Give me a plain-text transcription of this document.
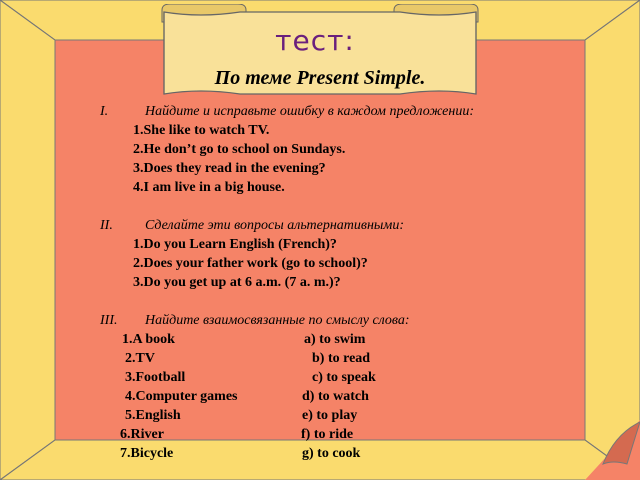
тест:
По теме Present Simple.
I.	Найдите и исправьте ошибку в каждом предложении:
1.She like to watch TV.
2.He don’t go to school on Sundays.
3.Does they read in the evening?
4.I am live in a big house.
II. Сделайте эти вопросы альтернативными:
1.Do you Learn English (French)?
2.Does your father work (go to school)?
3.Do you get up at 6 a.m. (7 a. m.)?
III. Найдите взаимосвязанные по смыслу слова:
1.A book	a) to swim
2.TV	b) to read
3.Football	c) to speak
4.Computer games	d) to watch
5.English	e) to play
6.River	f) to ride
7.Bicycle	g) to cook
